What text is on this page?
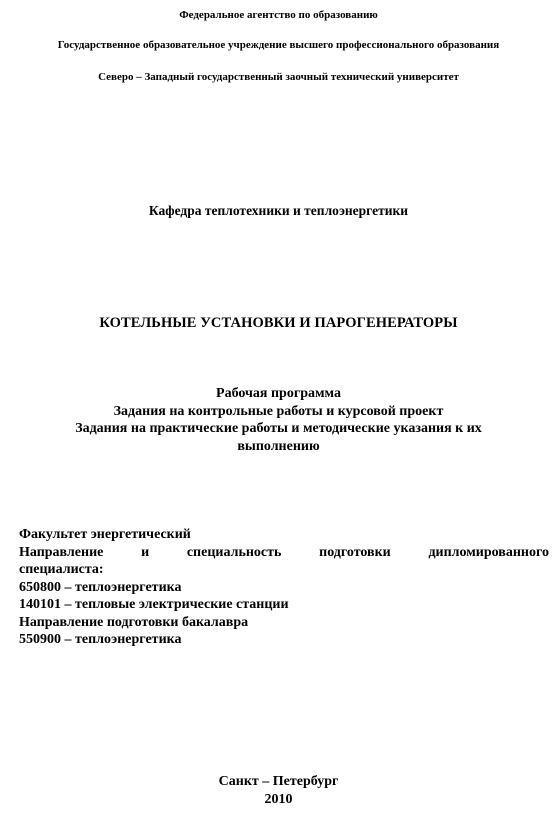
Федеральное агентство по образованию
Государственное образовательное учреждение высшего профессионального образования
Северо – Западный государственный заочный технический университет
Кафедра теплотехники и теплоэнергетики
КОТЕЛЬНЫЕ УСТАНОВКИ И ПАРОГЕНЕРАТОРЫ
Рабочая программа
Задания на контрольные работы и курсовой проект
Задания на практические работы и методические указания к их
выполнению
Факультет энергетический
Направление	и	специальность	подготовки	дипломированного
специалиста:
650800 – теплоэнергетика
140101 – тепловые электрические станции
Направление подготовки бакалавра
550900 – теплоэнергетика
Санкт – Петербург
2010
